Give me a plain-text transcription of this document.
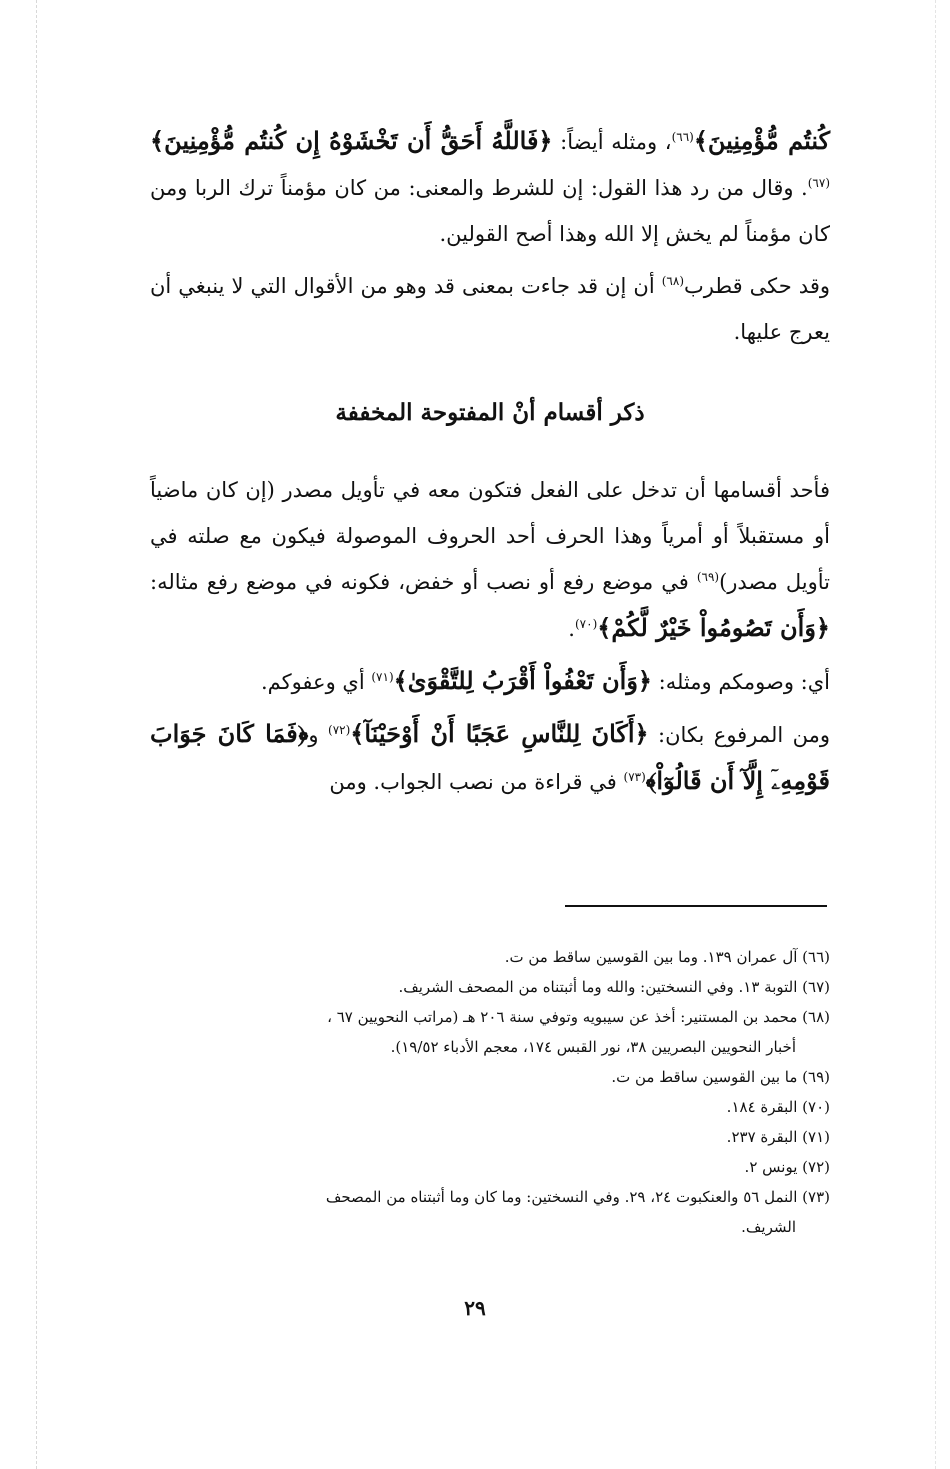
كُنتُم مُّؤْمِنِينَ﴾$^{(٦٦)}$، ومثله أيضاً: ﴿فَاللَّهُ أَحَقُّ أَن تَخْشَوْهُ إِن كُنتُم مُّؤْمِنِينَ﴾$^{(٦٧)}$. وقال من رد هذا القول: إن للشرط والمعنى: من كان مؤمناً ترك الربا ومن كان مؤمناً لم يخش إلا الله وهذا أصح القولين.

وقد حكى قطرب$^{(٦٨)}$ أن إن قد جاءت بمعنى قد وهو من الأقوال التي لا ينبغي أن يعرج عليها.

ذكر أقسام أنْ المفتوحة المخففة

فأحد أقسامها أن تدخل على الفعل فتكون معه في تأويل مصدر (إن كان ماضياً أو مستقبلاً أو أمرياً وهذا الحرف أحد الحروف الموصولة فيكون مع صلته في تأويل مصدر)$^{(٦٩)}$ في موضع رفع أو نصب أو خفض، فكونه في موضع رفع مثاله: ﴿وَأَن تَصُومُواْ خَيْرٌ لَّكُمْ﴾$^{(٧٠)}$.

أي: وصومكم ومثله: ﴿وَأَن تَعْفُواْ أَقْرَبُ لِلتَّقْوَىٰ﴾$^{(٧١)}$ أي وعفوكم.

ومن المرفوع بكان: ﴿أَكَانَ لِلنَّاسِ عَجَبًا أَنْ أَوْحَيْنَآ﴾$^{(٧٢)}$ و﴿فَمَا كَانَ جَوَابَ قَوْمِهِۦٓ إِلَّآ أَن قَالُوٓاْ﴾$^{(٧٣)}$ في قراءة من نصب الجواب. ومن

(٦٦) آل عمران ١٣٩. وما بين القوسين ساقط من ت.
(٦٧) التوبة ١٣. وفي النسختين: والله وما أثبتناه من المصحف الشريف.
(٦٨) محمد بن المستنير: أخذ عن سيبويه وتوفي سنة ٢٠٦ هـ (مراتب النحويين ٦٧ ،
أخبار النحويين البصريين ٣٨، نور القبس ١٧٤، معجم الأدباء ١٩/٥٢).
(٦٩) ما بين القوسين ساقط من ت.
(٧٠) البقرة ١٨٤.
(٧١) البقرة ٢٣٧.
(٧٢) يونس ٢.
(٧٣) النمل ٥٦ والعنكبوت ٢٤، ٢٩. وفي النسختين: وما كان وما أثبتناه من المصحف
الشريف.
٢٩
